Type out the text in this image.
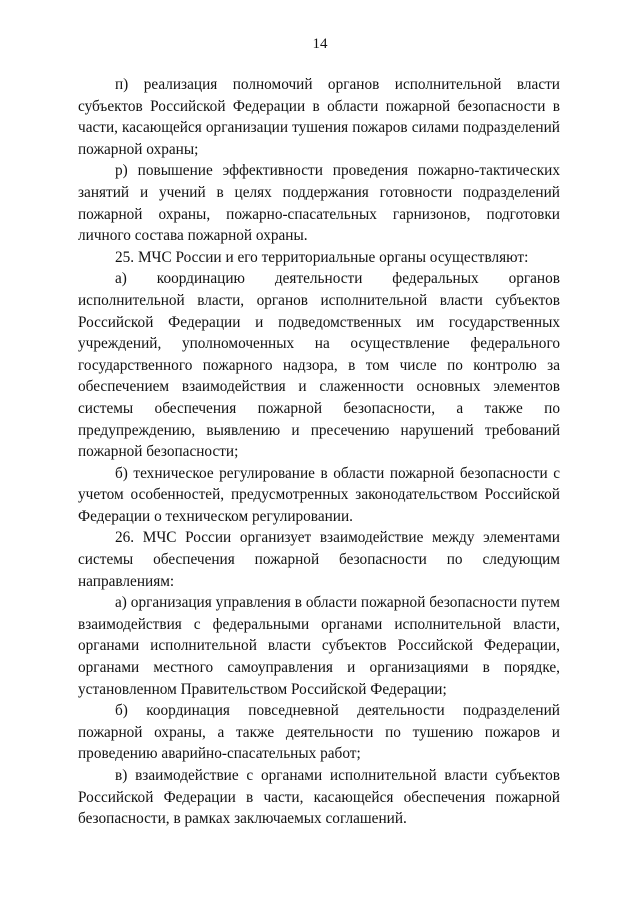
14

п) реализация полномочий органов исполнительной власти субъектов Российской Федерации в области пожарной безопасности в части, касающейся организации тушения пожаров силами подразделений пожарной охраны;

р) повышение эффективности проведения пожарно-тактических занятий и учений в целях поддержания готовности подразделений пожарной охраны, пожарно-спасательных гарнизонов, подготовки личного состава пожарной охраны.

25. МЧС России и его территориальные органы осуществляют:

а) координацию деятельности федеральных органов исполнительной власти, органов исполнительной власти субъектов Российской Федерации и подведомственных им государственных учреждений, уполномоченных на осуществление федерального государственного пожарного надзора, в том числе по контролю за обеспечением взаимодействия и слаженности основных элементов системы обеспечения пожарной безопасности, а также по предупреждению, выявлению и пресечению нарушений требований пожарной безопасности;

б) техническое регулирование в области пожарной безопасности с учетом особенностей, предусмотренных законодательством Российской Федерации о техническом регулировании.

26. МЧС России организует взаимодействие между элементами системы обеспечения пожарной безопасности по следующим направлениям:

а) организация управления в области пожарной безопасности путем взаимодействия с федеральными органами исполнительной власти, органами исполнительной власти субъектов Российской Федерации, органами местного самоуправления и организациями в порядке, установленном Правительством Российской Федерации;

б) координация повседневной деятельности подразделений пожарной охраны, а также деятельности по тушению пожаров и проведению аварийно-спасательных работ;

в) взаимодействие с органами исполнительной власти субъектов Российской Федерации в части, касающейся обеспечения пожарной безопасности, в рамках заключаемых соглашений.
